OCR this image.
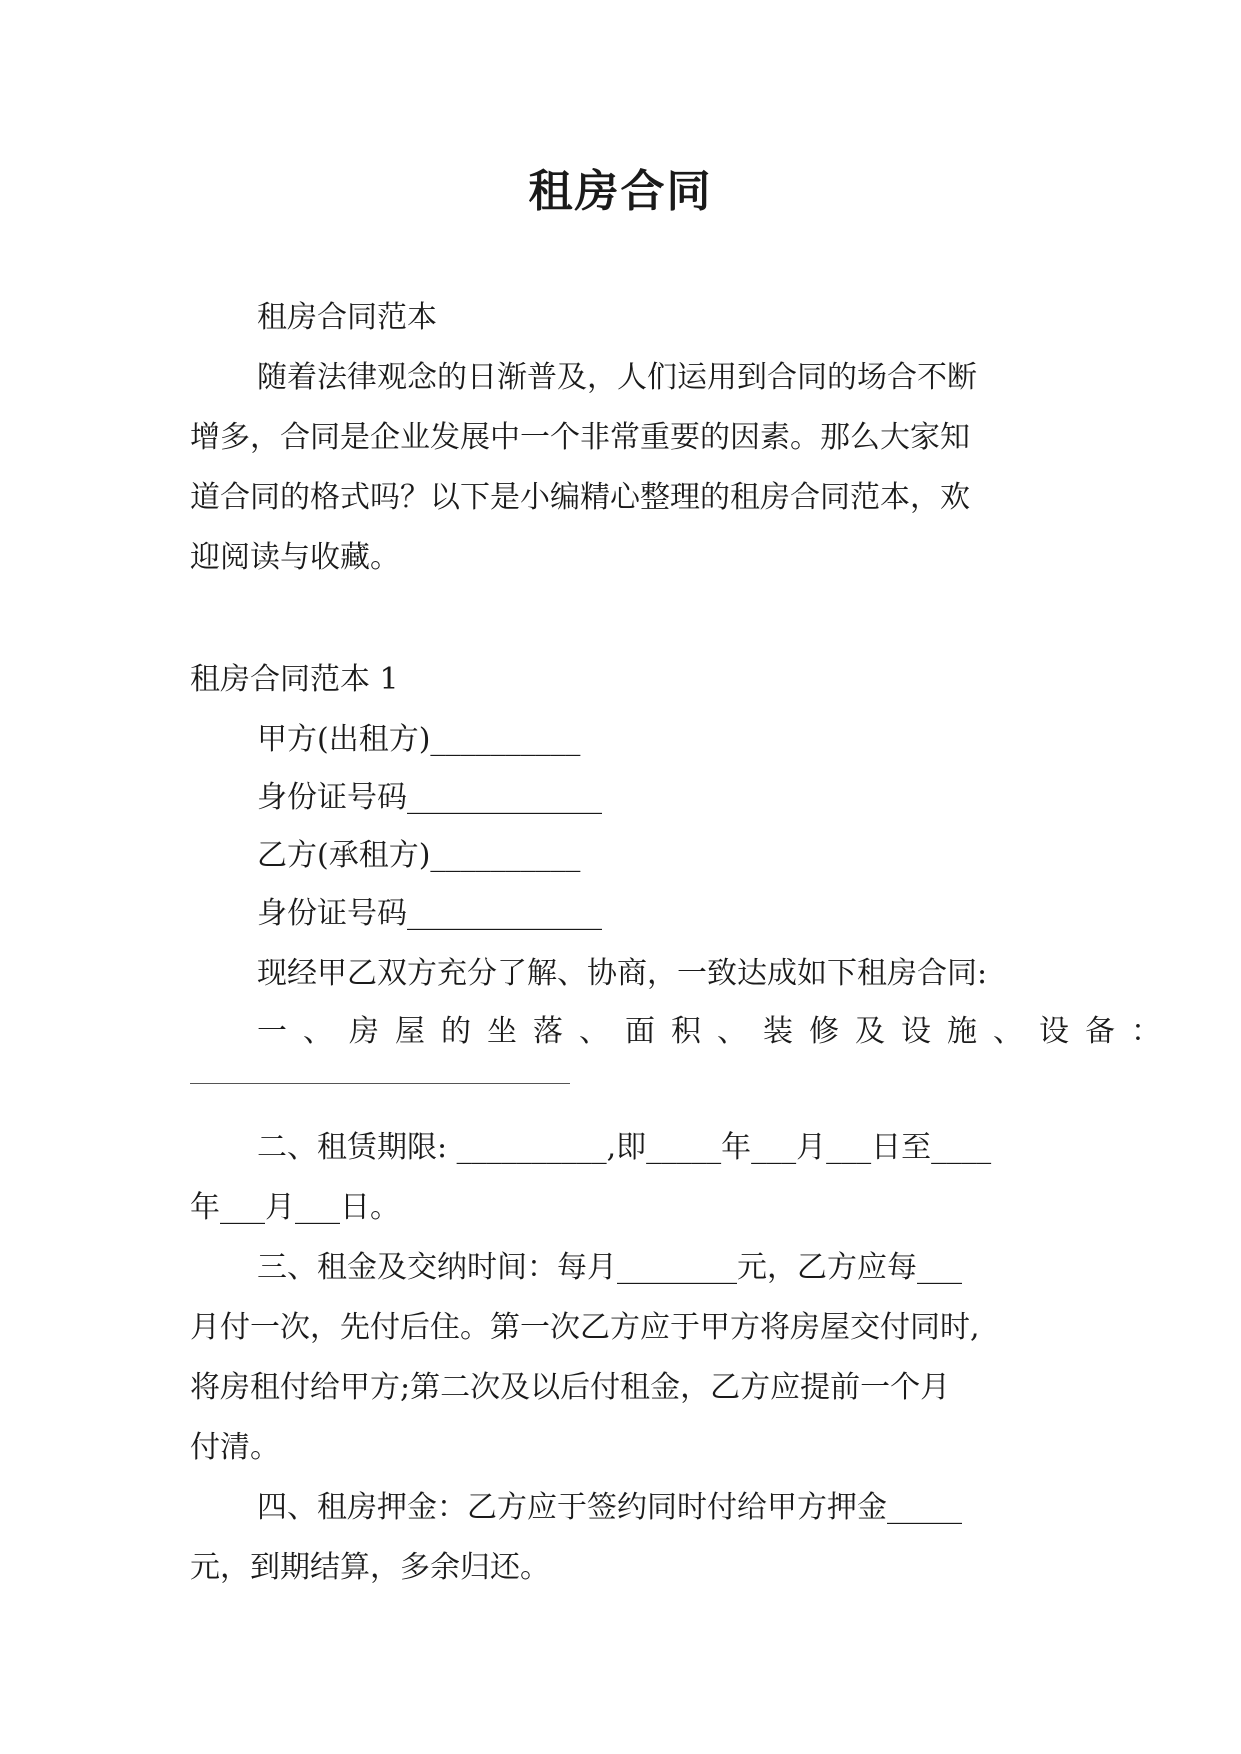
租房合同

租房合同范本

随着法律观念的日渐普及，人们运用到合同的场合不断

增多，合同是企业发展中一个非常重要的因素。那么大家知

道合同的格式吗？以下是小编精心整理的租房合同范本，欢

迎阅读与收藏。

租房合同范本 1

甲方(出租方)__________

身份证号码_____________

乙方(承租方)__________

身份证号码_____________

现经甲乙双方充分了解、协商，一致达成如下租房合同:

一、房屋的坐落、面积、装修及设施、设备：

二、租赁期限: __________,即_____年___月___日至____

年___月___日。

三、租金及交纳时间：每月________元，乙方应每___

月付一次，先付后住。第一次乙方应于甲方将房屋交付同时,

将房租付给甲方;第二次及以后付租金，乙方应提前一个月

付清。

四、租房押金：乙方应于签约同时付给甲方押金_____

元，到期结算，多余归还。
